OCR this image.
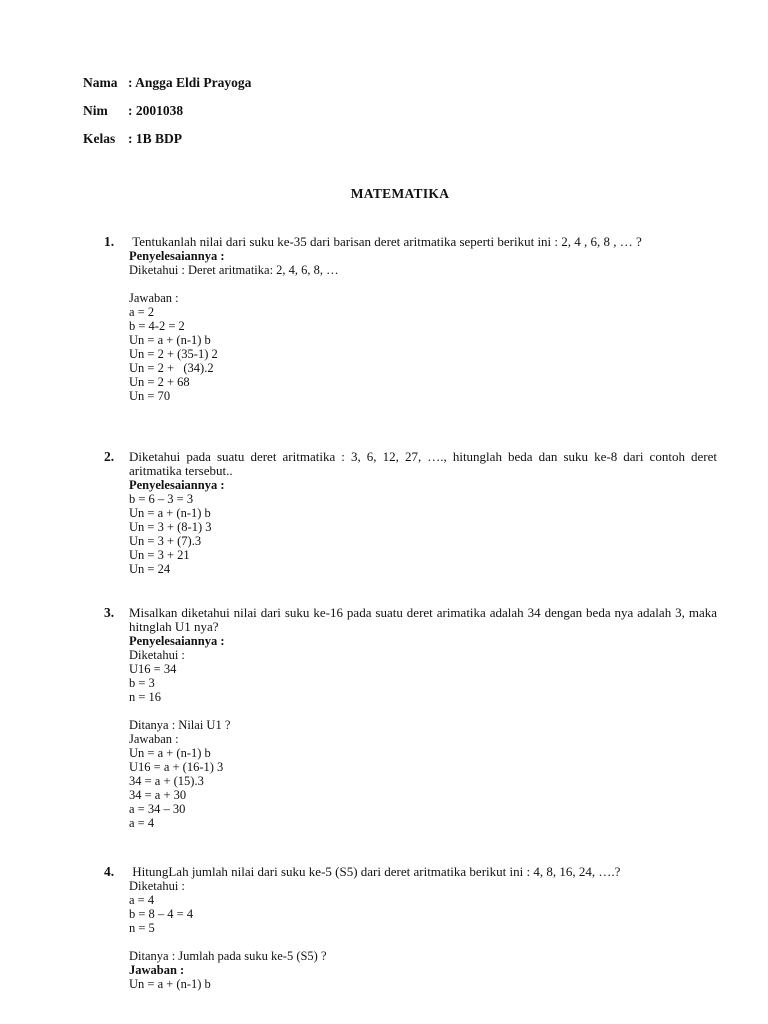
Nama : Angga Eldi Prayoga
Nim : 2001038
Kelas : 1B BDP
MATEMATIKA
1. Tentukanlah nilai dari suku ke-35 dari barisan deret aritmatika seperti berikut ini : 2, 4 , 6, 8 , … ?
Penyelesaiannya :
Diketahui : Deret aritmatika: 2, 4, 6, 8, …
Jawaban :
a = 2
b = 4-2 = 2
Un = a + (n-1) b
Un = 2 + (35-1) 2
Un = 2 +   (34).2
Un = 2 + 68
Un = 70
2. Diketahui pada suatu deret aritmatika : 3, 6, 12, 27, …., hitunglah beda dan suku ke-8 dari contoh deret aritmatika tersebut..
Penyelesaiannya :
b = 6 – 3 = 3
Un = a + (n-1) b
Un = 3 + (8-1) 3
Un = 3 + (7).3
Un = 3 + 21
Un = 24
3. Misalkan diketahui nilai dari suku ke-16 pada suatu deret arimatika adalah 34 dengan beda nya adalah 3, maka hitnglah U1 nya?
Penyelesaiannya :
Diketahui :
U16 = 34
b = 3
n = 16
Ditanya : Nilai U1 ?
Jawaban :
Un = a + (n-1) b
U16 = a + (16-1) 3
34 = a + (15).3
34 = a + 30
a = 34 – 30
a = 4
4. HitungLah jumlah nilai dari suku ke-5 (S5) dari deret aritmatika berikut ini : 4, 8, 16, 24, ….?
Diketahui :
a = 4
b = 8 – 4 = 4
n = 5
Ditanya : Jumlah pada suku ke-5 (S5) ?
Jawaban :
Un = a + (n-1) b
